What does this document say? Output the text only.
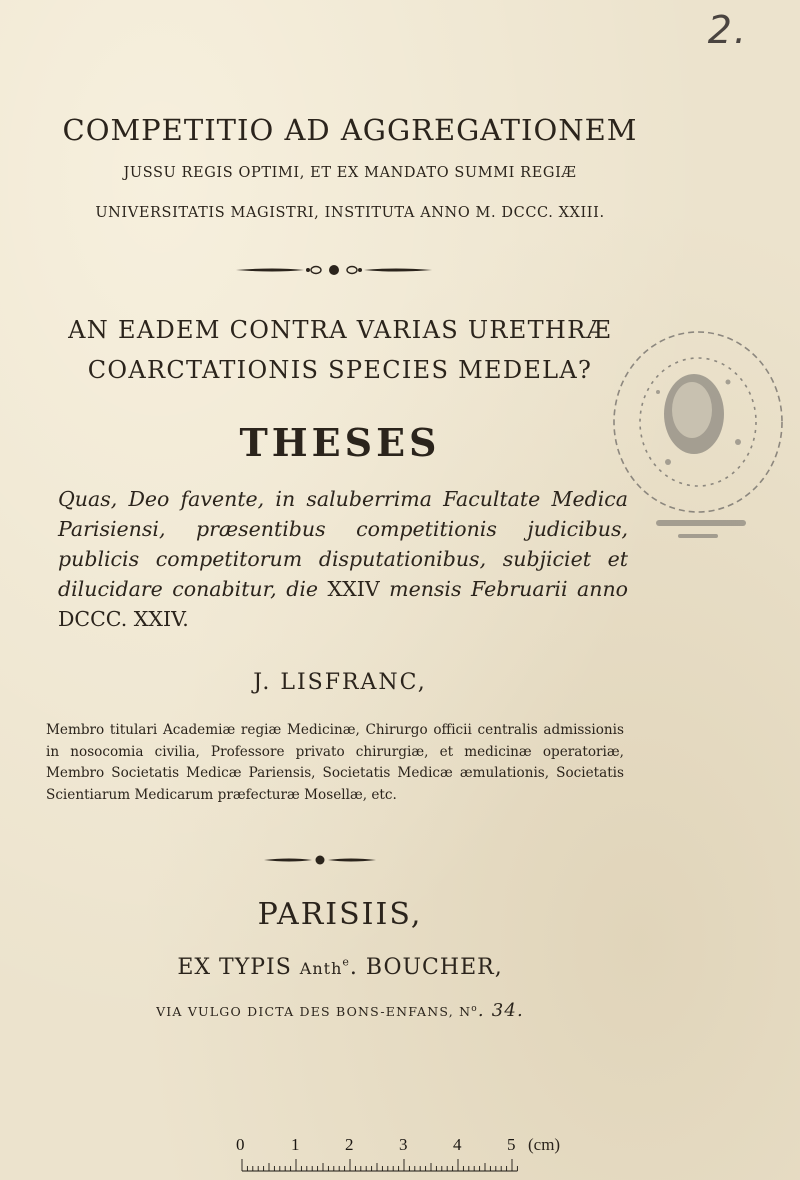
2.
COMPETITIO AD AGGREGATIONEM
JUSSU REGIS OPTIMI, ET EX MANDATO SUMMI REGIÆ
UNIVERSITATIS MAGISTRI, INSTITUTA ANNO M. DCCC. XXIII.
AN EADEM CONTRA VARIAS URETHRÆ
COARCTATIONIS SPECIES MEDELA?
THESES
Quas, Deo favente, in saluberrima Facultate Medica Parisiensi, præsentibus competitionis judicibus, publicis competitorum disputationibus, subjiciet et dilucidare conabitur, die XXIV mensis Februarii anno DCCC. XXIV.
J. LISFRANC,
Membro titulari Academiæ regiæ Medicinæ, Chirurgo officii centralis admissionis in nosocomia civilia, Professore privato chirurgiæ, et medicinæ operatoriæ, Membro Societatis Medicæ Pariensis, Societatis Medicæ æmulationis, Societatis Scientiarum Medicarum præfecturæ Mosellæ, etc.
PARISIIS,
EX TYPIS Anth$^e$. BOUCHER,
VIA VULGO DICTA DES BONS-ENFANS, $N^o$. 34.
0	1	2	3	4	5 (cm)
